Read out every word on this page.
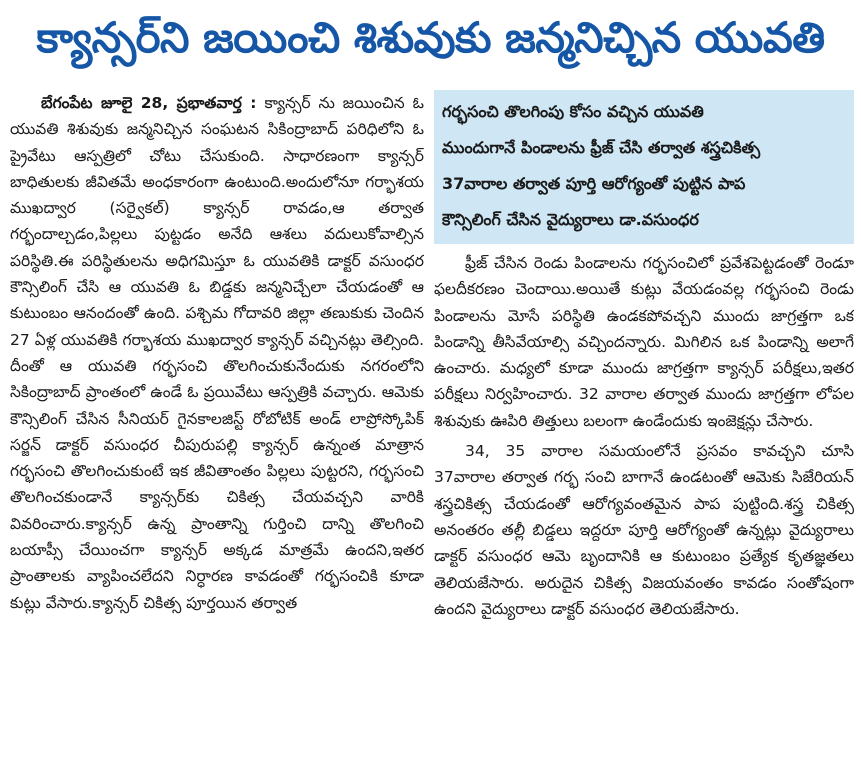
క్యాన్సర్‌ని జయించి శిశువుకు జన్మనిచ్చిన యువతి

బేగంపేట జూలై 28, ప్రభాతవార్త : క్యాన్సర్ ను జయించిన ఓ యువతి శిశువుకు జన్మనిచ్చిన సంఘటన సికింద్రాబాద్ పరిధిలోని ఓ ప్రైవేటు ఆస్పత్రిలో చోటు చేసుకుంది. సాధారణంగా క్యాన్సర్ బాధితులకు జీవితమే అంధకారంగా ఉంటుంది.అందులోనూ గర్భాశయ ముఖద్వార (సర్వైకల్) క్యాన్సర్ రావడం,ఆ తర్వాత గర్భందాల్చడం,పిల్లలు పుట్టడం అనేది ఆశలు వదులుకోవాల్సిన పరిస్థితి.ఈ పరిస్థితులను అధిగమిస్తూ ఓ యువతికి డాక్టర్ వసుంధర కౌన్సిలింగ్ చేసి ఆ యువతి ఓ బిడ్డకు జన్మనిచ్చేలా చేయడంతో ఆ కుటుంబం ఆనందంతో ఉంది. పశ్చిమ గోదావరి జిల్లా తణుకుకు చెందిన 27 ఏళ్ల యువతికి గర్భాశయ ముఖద్వార క్యాన్సర్ వచ్చినట్లు తెల్సింది. దీంతో ఆ యువతి గర్భసంచి తొలగించుకునేందుకు నగరంలోని సికింద్రాబాద్ ప్రాంతంలో ఉండే ఓ ప్రయివేటు ఆస్పత్రికి వచ్చారు. ఆమెకు కౌన్సిలింగ్ చేసిన సీనియర్ గైనకాలజిస్ట్ రోబోటిక్ అండ్ లాప్రోస్కోపిక్ సర్జన్ డాక్టర్ వసుంధర చీపురుపల్లి క్యాన్సర్ ఉన్నంత మాత్రాన గర్భసంచి తొలగించుకుంటే ఇక జీవితాంతం పిల్లలు పుట్టరని, గర్భసంచి తొలగించకుండానే క్యాన్సర్‌కు చికిత్స చేయవచ్చని వారికి వివరించారు.క్యాన్సర్ ఉన్న ప్రాంతాన్ని గుర్తించి దాన్ని తొలగించి బయాప్సీ చేయించగా క్యాన్సర్ అక్కడ మాత్రమే ఉందని,ఇతర ప్రాంతాలకు వ్యాపించలేదని నిర్ధారణ కావడంతో గర్భసంచికి కూడా కుట్లు వేసారు.క్యాన్సర్ చికిత్స పూర్తయిన తర్వాత

గర్భసంచి తొలగింపు కోసం వచ్చిన యువతి
ముందుగానే పిండాలను ఫ్రీజ్ చేసి తర్వాత శస్త్రచికిత్స
37వారాల తర్వాత పూర్తి ఆరోగ్యంతో పుట్టిన పాప
కౌన్సిలింగ్ చేసిన వైద్యురాలు డా.వసుంధర

ఫ్రీజ్ చేసిన రెండు పిండాలను గర్భసంచిలో ప్రవేశపెట్టడంతో రెండూ ఫలదీకరణం చెందాయి.అయితే కుట్లు వేయడంవల్ల గర్భసంచి రెండు పిండాలను మోసే పరిస్థితి ఉండకపోవచ్చని ముందు జాగ్రత్తగా ఒక పిండాన్ని తీసివేయాల్సి వచ్చిందన్నారు. మిగిలిన ఒక పిండాన్ని అలాగే ఉంచారు. మధ్యలో కూడా ముందు జాగ్రత్తగా క్యాన్సర్ పరీక్షలు,ఇతర పరీక్షలు నిర్వహించారు. 32 వారాల తర్వాత ముందు జాగ్రత్తగా లోపల శిశువుకు ఊపిరి తిత్తులు బలంగా ఉండేందుకు ఇంజెక్షన్లు చేసారు.

34, 35 వారాల సమయంలోనే ప్రసవం కావచ్చని చూసి 37వారాల తర్వాత గర్భ సంచి బాగానే ఉండటంతో ఆమెకు సిజేరియన్ శస్త్రచికిత్స చేయడంతో ఆరోగ్యవంతమైన పాప పుట్టింది.శస్త్ర చికిత్స అనంతరం తల్లీ బిడ్డలు ఇద్దరూ పూర్తి ఆరోగ్యంతో ఉన్నట్లు వైద్యురాలు డాక్టర్ వసుంధర ఆమె బృందానికి ఆ కుటుంబం ప్రత్యేక కృతజ్ఞతలు తెలియజేసారు. అరుదైన చికిత్స విజయవంతం కావడం సంతోషంగా ఉందని వైద్యురాలు డాక్టర్ వసుంధర తెలియజేసారు.
